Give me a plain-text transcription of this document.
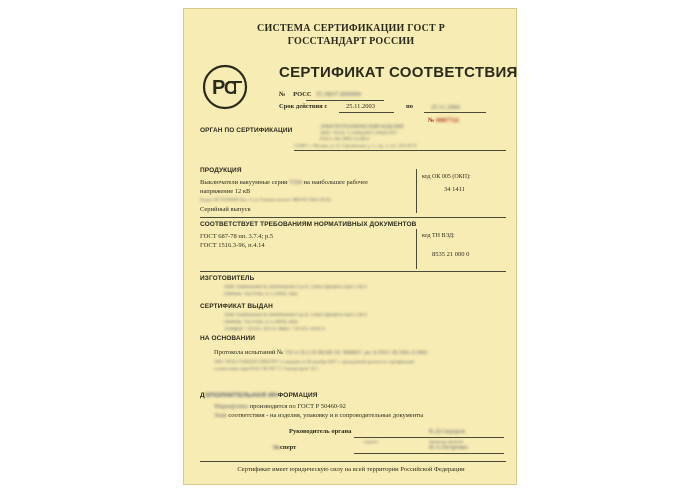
СИСТЕМА СЕРТИФИКАЦИИ ГОСТ Р
ГОССТАНДАРТ РОССИИ
Р
С
СЕРТИФИКАТ СООТВЕТСТВИЯ
№ РОСС IT.ЛВ37.В00000
Срок действия с	25.11.2003	по	25.11.2006
№ 0087722
ОРГАН ПО СЕРТИФИКАЦИИ	ЭЛЕКТРОТЕХНИЧЕСКИЙ ИЗДЕЛИЙ
АНО "НТЦ "СТАНДАРТЭЛЕКТРО"
РОСС RU.0001.11ЛВ37
123007, г. Москва, ул. Б. Сергиевская, д. 1, стр. 3, тел. 254-20-55
ПРОДУКЦИЯ
Выключатели вакуумные серии VD4 на наибольшее рабочее
напряжение 12 кВ
Кодекс ВСЛ2500000 Кат. А.см Техники каталог ЗИП.00 С004 (ТБ.К)
Серийный выпуск
код ОК 005 (ОКП):
34 1411
СООТВЕТСТВУЕТ ТРЕБОВАНИЯМ НОРМАТИВНЫХ ДОКУМЕНТОВ
ГОСТ 687-78 пп. 3.7.4; р.5
ГОСТ 1516.3-96, п.4.14
код ТН ВЭД:
8535 21 000 0
ИЗГОТОВИТЕЛЬ
ABB Trasmissione & Distribuzione S.p.A. Unita Operativa Sace T.M.S
Dalmine, Via Friuli, 4, I-24044, Italy
СЕРТИФИКАТ ВЫДАН
ABB Trasmissione & Distribuzione S.p.A. Unita Operativa Sace T.M.S
Dalmine, Via Friuli, 4, I-24044, Italy
Телефон: +39 035 395111 Факс: +39 035 395874
НА ОСНОВАНИИ
Протокола испытаний № 7/03 от 20.11.03 ИЦ ВВ ЭА "ВНИИЭ", per. № РОСС RU.0001.21ЭИ03
АНО "НТЦ СТАНДАРТЭЛЕКТРО" и сведения по 00 декабря 2007 г., проведенной органом по сертификации
соответствия серии РОСС ВСТН 7.5 "Электропром" № 1
ДОПОЛНИТЕЛЬНАЯ ИНФОРМАЦИЯ
Маркировка производится по ГОСТ Р 50460-92
Знак соответствия - на изделия, упаковку и в сопроводительные документы
Руководитель органа	К.Д.Сидоров
подпись	инициалы, фамилия
Эксперт	Н.А.Петренко
Сертификат имеет юридическую силу на всей территории Российской Федерации
